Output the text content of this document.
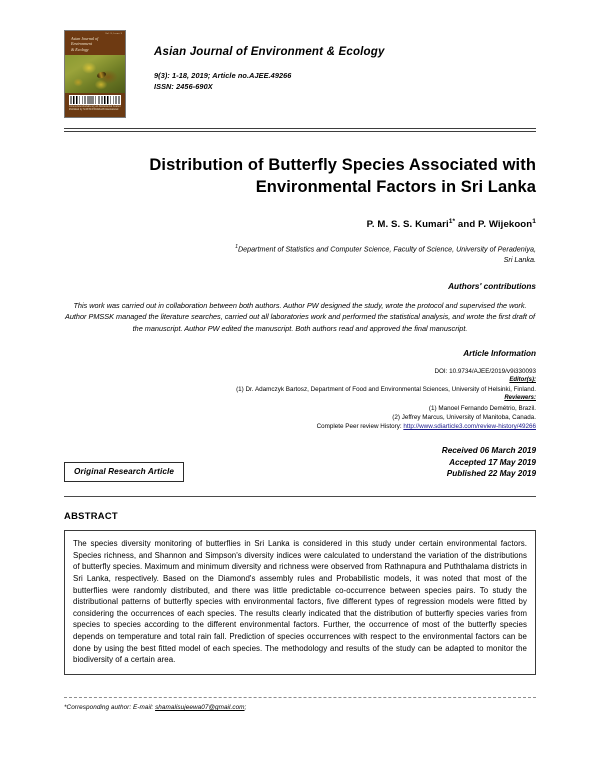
Vol. 9, Issue 3
Asian Journal of
Environment
& Ecology
www.sciencedomain.org An International Journal Published by SCIENCEDOMAIN international
Asian Journal of Environment & Ecology
9(3): 1-18, 2019; Article no.AJEE.49266
ISSN: 2456-690X
Distribution of Butterfly Species Associated with
Environmental Factors in Sri Lanka
P. M. S. S. Kumari$^{1*}$ and P. Wijekoon$^1$
$^1$Department of Statistics and Computer Science, Faculty of Science, University of Peradeniya,
Sri Lanka.
Authors' contributions
This work was carried out in collaboration between both authors. Author PW designed the study, wrote the protocol and supervised the work. Author PMSSK managed the literature searches, carried out all laboratories work and performed the statistical analysis, and wrote the first draft of the manuscript. Author PW edited the manuscript. Both authors read and approved the final manuscript.
Article Information
DOI: 10.9734/AJEE/2019/v9i330093
Editor(s):
(1) Dr. Adamczyk Bartosz, Department of Food and Environmental Sciences, University of Helsinki, Finland.
Reviewers:
(1) Manoel Fernando Demétrio, Brazil.
(2) Jeffrey Marcus, University of Manitoba, Canada.
Complete Peer review History: http://www.sdiarticle3.com/review-history/49266
Original Research Article
Received 06 March 2019
Accepted 17 May 2019
Published 22 May 2019
ABSTRACT
The species diversity monitoring of butterflies in Sri Lanka is considered in this study under certain environmental factors. Species richness, and Shannon and Simpson's diversity indices were calculated to understand the variation of the distributions of butterfly species. Maximum and minimum diversity and richness were observed from Rathnapura and Puththalama districts in Sri Lanka, respectively. Based on the Diamond's assembly rules and Probabilistic models, it was noted that most of the butterflies were randomly distributed, and there was little predictable co-occurrence between species pairs. To study the distributional patterns of butterfly species with environmental factors, five different types of regression models were fitted by considering the occurrences of each species. The results clearly indicated that the distribution of butterfly species varies from species to species according to the different environmental factors. Further, the occurrence of most of the butterfly species depends on temperature and total rain fall. Prediction of species occurrences with respect to the environmental factors can be done by using the best fitted model of each species. The methodology and results of the study can be adapted to monitor the biodiversity of a certain area.
*Corresponding author: E-mail: shamalisujeewa07@gmail.com;
